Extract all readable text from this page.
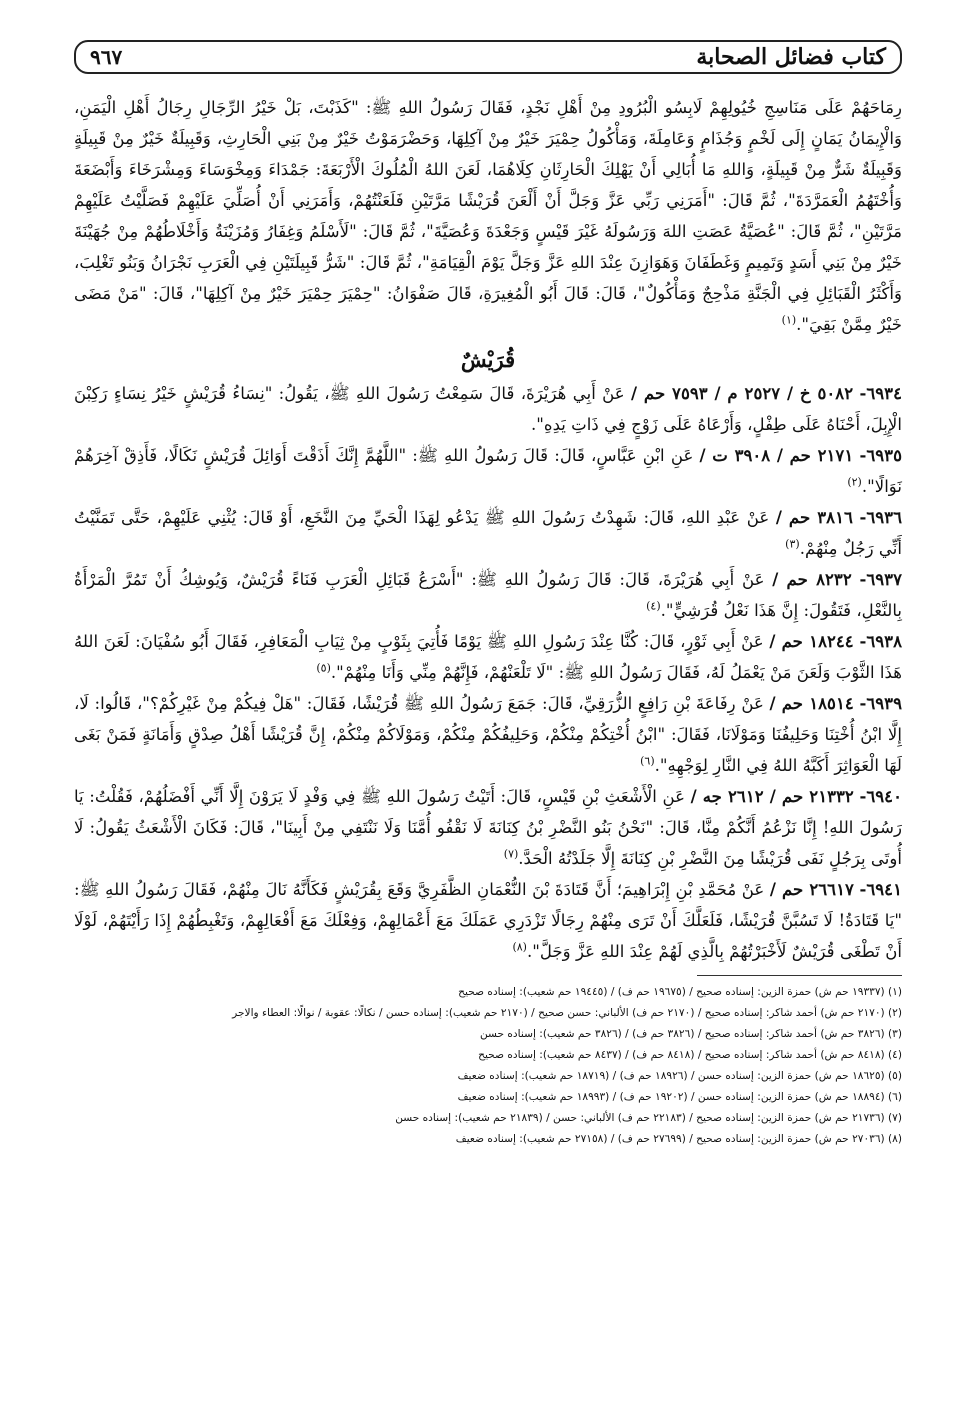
كتاب فضائل الصحابة
٩٦٧

رِمَاحَهُمْ عَلَى مَنَاسِجِ خُيُولِهِمْ لَابِسُو الْبُرُودِ مِنْ أَهْلِ نَجْدٍ، فَقَالَ رَسُولُ اللهِ ﷺ: "كَذَبْتَ، بَلْ خَيْرُ الرِّجَالِ رِجَالُ أَهْلِ الْيَمَنِ، وَالْإِيمَانُ يَمَانٍ إِلَى لَخْمٍ وَجُذَامٍ وَعَامِلَةَ، وَمَأْكُولُ حِمْيَرَ خَيْرٌ مِنْ آكِلِهَا، وَحَضْرَمَوْتُ خَيْرٌ مِنْ بَنِي الْحَارِثِ، وَقَبِيلَةٌ خَيْرٌ مِنْ قَبِيلَةٍ وَقَبِيلَةٌ شَرٌّ مِنْ قَبِيلَةٍ، وَاللهِ مَا أُبَالِي أَنْ يَهْلِكَ الْحَارِثَانِ كِلَاهُمَا، لَعَنَ اللهُ الْمُلُوكَ الْأَرْبَعَةَ: جَمْدَاءَ وَمِخْوَسَاءَ وَمِشْرَخَاءَ وَأَبْضَعَةَ وَأُخْتَهُمُ الْعَمَرَّدَةَ"، ثُمَّ قَالَ: "أَمَرَنِي رَبِّي عَزَّ وَجَلَّ أَنْ أَلْعَنَ قُرَيْشًا مَرَّتَيْنِ فَلَعَنْتُهُمْ، وَأَمَرَنِي أَنْ أُصَلِّيَ عَلَيْهِمْ فَصَلَّيْتُ عَلَيْهِمْ مَرَّتَيْنِ"، ثُمَّ قَالَ: "عُصَيَّةُ عَصَتِ اللهَ وَرَسُولَهُ غَيْرَ قَيْسٍ وَجَعْدَةَ وَعُصَيَّةَ"، ثُمَّ قَالَ: "لَأَسْلَمُ وَغِفَارُ وَمُزَيْنَةُ وَأَخْلَاطُهُمْ مِنْ جُهَيْنَةَ خَيْرٌ مِنْ بَنِي أَسَدٍ وَتَمِيمٍ وَغَطَفَانَ وَهَوَازِنَ عِنْدَ اللهِ عَزَّ وَجَلَّ يَوْمَ الْقِيَامَةِ"، ثُمَّ قَالَ: "شَرُّ قَبِيلَتَيْنِ فِي الْعَرَبِ نَجْرَانُ وَبَنُو تَغْلِبَ، وَأَكْثَرُ الْقَبَائِلِ فِي الْجَنَّةِ مَذْحِجٌ وَمَأْكُولٌ"، قَالَ: قَالَ أَبُو الْمُغِيرَةِ، قَالَ صَفْوَانُ: "حِمْيَرَ حِمْيَرَ خَيْرٌ مِنْ آكِلِهَا"، قَالَ: "مَنْ مَضَى خَيْرٌ مِمَّنْ بَقِيَ".$^{(١)}$

قُرَيْشٌ

٦٩٣٤- ٥٠٨٢ خ / ٢٥٢٧ م / ٧٥٩٣ حم / عَنْ أَبِي هُرَيْرَةَ، قَالَ سَمِعْتُ رَسُولَ اللهِ ﷺ، يَقُولُ: "نِسَاءُ قُرَيْشٍ خَيْرُ نِسَاءٍ رَكِبْنَ الْإِبِلَ، أَحْنَاهُ عَلَى طِفْلٍ، وَأَرْعَاهُ عَلَى زَوْجٍ فِي ذَاتِ يَدِهِ".

٦٩٣٥- ٢١٧١ حم / ٣٩٠٨ ت / عَنِ ابْنِ عَبَّاسٍ، قَالَ: قَالَ رَسُولُ اللهِ ﷺ: "اللَّهُمَّ إِنَّكَ أَذَقْتَ أَوَائِلَ قُرَيْشٍ نَكَالًا، فَأَذِقْ آخِرَهُمْ نَوَالًا".$^{(٢)}$

٦٩٣٦- ٣٨١٦ حم / عَنْ عَبْدِ اللهِ، قَالَ: شَهِدْتُ رَسُولَ اللهِ ﷺ يَدْعُو لِهَذَا الْحَيِّ مِنَ النَّخَعِ، أَوْ قَالَ: يُثْنِي عَلَيْهِمْ، حَتَّى تَمَنَّيْتُ أَنِّي رَجُلٌ مِنْهُمْ.$^{(٣)}$

٦٩٣٧- ٨٢٣٢ حم / عَنْ أَبِي هُرَيْرَةَ، قَالَ: قَالَ رَسُولُ اللهِ ﷺ: "أَسْرَعُ قَبَائِلِ الْعَرَبِ فَنَاءً قُرَيْشٌ، وَيُوشِكُ أَنْ تَمُرَّ الْمَرْأَةُ بِالنَّعْلِ، فَتَقُولَ: إِنَّ هَذَا نَعْلُ قُرَشِيٍّ".$^{(٤)}$

٦٩٣٨- ١٨٢٤٤ حم / عَنْ أَبِي ثَوْرٍ، قَالَ: كُنَّا عِنْدَ رَسُولِ اللهِ ﷺ يَوْمًا فَأُتِيَ بِثَوْبٍ مِنْ ثِيَابِ الْمَعَافِرِ، فَقَالَ أَبُو سُفْيَانَ: لَعَنَ اللهُ هَذَا الثَّوْبَ وَلَعَنَ مَنْ يَعْمَلُ لَهُ، فَقَالَ رَسُولُ اللهِ ﷺ: "لَا تَلْعَنْهُمْ، فَإِنَّهُمْ مِنِّي وَأَنَا مِنْهُمْ".$^{(٥)}$

٦٩٣٩- ١٨٥١٤ حم / عَنْ رِفَاعَةَ بْنِ رَافِعٍ الزُّرَقِيِّ، قَالَ: جَمَعَ رَسُولُ اللهِ ﷺ قُرَيْشًا، فَقَالَ: "هَلْ فِيكُمْ مِنْ غَيْرِكُمْ؟"، قَالُوا: لَا، إِلَّا ابْنُ أُخْتِنَا وَحَلِيفُنَا وَمَوْلَانَا، فَقَالَ: "ابْنُ أُخْتِكُمْ مِنْكُمْ، وَحَلِيفُكُمْ مِنْكُمْ، وَمَوْلَاكُمْ مِنْكُمْ، إِنَّ قُرَيْشًا أَهْلُ صِدْقٍ وَأَمَانَةٍ فَمَنْ بَغَى لَهَا الْعَوَاثِرَ أَكَبَّهُ اللهُ فِي النَّارِ لِوَجْهِهِ".$^{(٦)}$

٦٩٤٠- ٢١٣٣٢ حم / ٢٦١٢ جه / عَنِ الْأَشْعَثِ بْنِ قَيْسٍ، قَالَ: أَتَيْتُ رَسُولَ اللهِ ﷺ فِي وَفْدٍ لَا يَرَوْنَ إِلَّا أَنِّي أَفْضَلُهُمْ، فَقُلْتُ: يَا رَسُولَ اللهِ! إِنَّا نَزْعُمُ أَنَّكُمْ مِنَّا، قَالَ: "نَحْنُ بَنُو النَّضْرِ بْنُ كِنَانَةَ لَا نَقْفُو أُمَّنَا وَلَا نَنْتَفِي مِنْ أَبِينَا"، قَالَ: فَكَانَ الْأَشْعَثُ يَقُولُ: لَا أُوتَى بِرَجُلٍ نَفَى قُرَيْشًا مِنَ النَّضْرِ بْنِ كِنَانَةَ إِلَّا جَلَدْتُهُ الْحَدَّ.$^{(٧)}$

٦٩٤١- ٢٦٦١٧ حم / عَنْ مُحَمَّدِ بْنِ إِبْرَاهِيمَ؛ أَنَّ قَتَادَةَ بْنَ النُّعْمَانِ الظَّفَرِيَّ وَقَعَ بِقُرَيْشٍ فَكَأَنَّهُ نَالَ مِنْهُمْ، فَقَالَ رَسُولُ اللهِ ﷺ: "يَا قَتَادَةُ! لَا تَسُبَّنَّ قُرَيْشًا، فَلَعَلَّكَ أَنْ تَرَى مِنْهُمْ رِجَالًا تَزْدَرِي عَمَلَكَ مَعَ أَعْمَالِهِمْ، وَفِعْلَكَ مَعَ أَفْعَالِهِمْ، وَتَغْبِطُهُمْ إِذَا رَأَيْتَهُمْ، لَوْلَا أَنْ تَطْغَى قُرَيْشٌ لَأَخْبَرْتُهُمْ بِالَّذِي لَهُمْ عِنْدَ اللهِ عَزَّ وَجَلَّ".$^{(٨)}$

(١) (١٩٣٣٧ حم ش) حمزة الزين: إسناده صحيح / (١٩٦٧٥ حم ف) / (١٩٤٤٥ حم شعيب): إسناده صحيح

(٢) (٢١٧٠ حم ش) أحمد شاكر: إسناده صحيح / (٢١٧٠ حم ف) الألباني: حسن صحيح / (٢١٧٠ حم شعيب): إسناده حسن / نكالًا: عقوبة / نوالًا: العطاء والاجر

(٣) (٣٨٢٦ حم ش) أحمد شاكر: إسناده صحيح / (٣٨٢٦ حم ف) / (٣٨٢٦ حم شعيب): إسناده حسن

(٤) (٨٤١٨ حم ش) أحمد شاكر: إسناده صحيح / (٨٤١٨ حم ف) / (٨٤٣٧ حم شعيب): إسناده صحيح

(٥) (١٨٦٢٥ حم ش) حمزة الزين: إسناده حسن / (١٨٩٢٦ حم ف) / (١٨٧١٩ حم شعيب): إسناده ضعيف

(٦) (١٨٨٩٤ حم ش) حمزة الزين: إسناده حسن / (١٩٢٠٢ حم ف) / (١٨٩٩٣ حم شعيب): إسناده ضعيف

(٧) (٢١٧٣٦ حم ش) حمزة الزين: إسناده صحيح / (٢٢١٨٣ حم ف) الألباني: حسن / (٢١٨٣٩ حم شعيب): إسناده حسن

(٨) (٢٧٠٣٦ حم ش) حمزة الزين: إسناده صحيح / (٢٧٦٩٩ حم ف) / (٢٧١٥٨ حم شعيب): إسناده ضعيف
